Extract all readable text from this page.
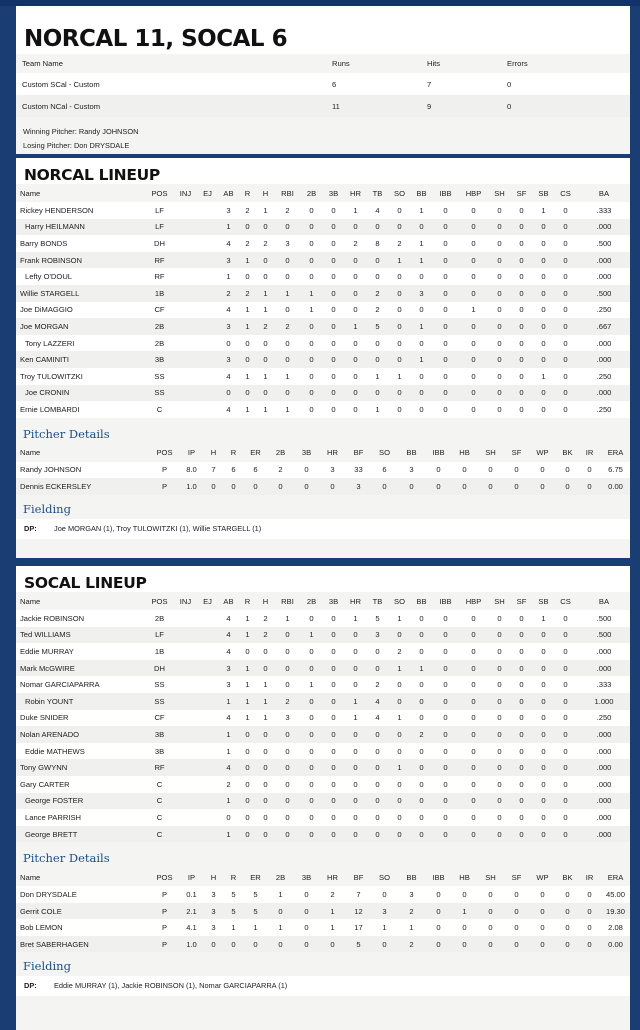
NORCAL 11, SOCAL 6
Team Name	Runs	Hits	Errors
Custom SCal - Custom	6	7	0
Custom NCal - Custom	11	9	0
Winning Pitcher: Randy JOHNSON
Losing Pitcher: Don DRYSDALE
NORCAL LINEUP
Name	POS	INJ	EJ	AB	R	H	RBI	2B	3B	HR	TB	SO	BB	IBB	HBP	SH	SF	SB	CS	BA
Rickey HENDERSON	LF			3	2	1	2	0	0	1	4	0	1	0	0	0	0	1	0	.333
Harry HEILMANN	LF			1	0	0	0	0	0	0	0	0	0	0	0	0	0	0	0	.000
Barry BONDS	DH			4	2	2	3	0	0	2	8	2	1	0	0	0	0	0	0	.500
Frank ROBINSON	RF			3	1	0	0	0	0	0	0	1	1	0	0	0	0	0	0	.000
Lefty O'DOUL	RF			1	0	0	0	0	0	0	0	0	0	0	0	0	0	0	0	.000
Willie STARGELL	1B			2	2	1	1	1	0	0	2	0	3	0	0	0	0	0	0	.500
Joe DiMAGGIO	CF			4	1	1	0	1	0	0	2	0	0	0	1	0	0	0	0	.250
Joe MORGAN	2B			3	1	2	2	0	0	1	5	0	1	0	0	0	0	0	0	.667
Tony LAZZERI	2B			0	0	0	0	0	0	0	0	0	0	0	0	0	0	0	0	.000
Ken CAMINITI	3B			3	0	0	0	0	0	0	0	0	1	0	0	0	0	0	0	.000
Troy TULOWITZKI	SS			4	1	1	1	0	0	0	1	1	0	0	0	0	0	1	0	.250
Joe CRONIN	SS			0	0	0	0	0	0	0	0	0	0	0	0	0	0	0	0	.000
Ernie LOMBARDI	C			4	1	1	1	0	0	0	1	0	0	0	0	0	0	0	0	.250
Pitcher Details
Name	POS	IP	H	R	ER	2B	3B	HR	BF	SO	BB	IBB	HB	SH	SF	WP	BK	IR	ERA
Randy JOHNSON	P	8.0	7	6	6	2	0	3	33	6	3	0	0	0	0	0	0	0	6.75
Dennis ECKERSLEY	P	1.0	0	0	0	0	0	0	3	0	0	0	0	0	0	0	0	0	0.00
Fielding
DP: Joe MORGAN (1), Troy TULOWITZKI (1), Willie STARGELL (1)
SOCAL LINEUP
Name	POS	INJ	EJ	AB	R	H	RBI	2B	3B	HR	TB	SO	BB	IBB	HBP	SH	SF	SB	CS	BA
Jackie ROBINSON	2B			4	1	2	1	0	0	1	5	1	0	0	0	0	0	1	0	.500
Ted WILLIAMS	LF			4	1	2	0	1	0	0	3	0	0	0	0	0	0	0	0	.500
Eddie MURRAY	1B			4	0	0	0	0	0	0	0	2	0	0	0	0	0	0	0	.000
Mark McGWIRE	DH			3	1	0	0	0	0	0	0	1	1	0	0	0	0	0	0	.000
Nomar GARCIAPARRA	SS			3	1	1	0	1	0	0	2	0	0	0	0	0	0	0	0	.333
Robin YOUNT	SS			1	1	1	2	0	0	1	4	0	0	0	0	0	0	0	0	1.000
Duke SNIDER	CF			4	1	1	3	0	0	1	4	1	0	0	0	0	0	0	0	.250
Nolan ARENADO	3B			1	0	0	0	0	0	0	0	0	2	0	0	0	0	0	0	.000
Eddie MATHEWS	3B			1	0	0	0	0	0	0	0	0	0	0	0	0	0	0	0	.000
Tony GWYNN	RF			4	0	0	0	0	0	0	0	1	0	0	0	0	0	0	0	.000
Gary CARTER	C			2	0	0	0	0	0	0	0	0	0	0	0	0	0	0	0	.000
George FOSTER	C			1	0	0	0	0	0	0	0	0	0	0	0	0	0	0	0	.000
Lance PARRISH	C			0	0	0	0	0	0	0	0	0	0	0	0	0	0	0	0	.000
George BRETT	C			1	0	0	0	0	0	0	0	0	0	0	0	0	0	0	0	.000
Pitcher Details
Name	POS	IP	H	R	ER	2B	3B	HR	BF	SO	BB	IBB	HB	SH	SF	WP	BK	IR	ERA
Don DRYSDALE	P	0.1	3	5	5	1	0	2	7	0	3	0	0	0	0	0	0	0	45.00
Gerrit COLE	P	2.1	3	5	5	0	0	1	12	3	2	0	1	0	0	0	0	0	19.30
Bob LEMON	P	4.1	3	1	1	1	0	1	17	1	1	0	0	0	0	0	0	0	2.08
Bret SABERHAGEN	P	1.0	0	0	0	0	0	0	5	0	2	0	0	0	0	0	0	0	0.00
Fielding
DP: Eddie MURRAY (1), Jackie ROBINSON (1), Nomar GARCIAPARRA (1)
